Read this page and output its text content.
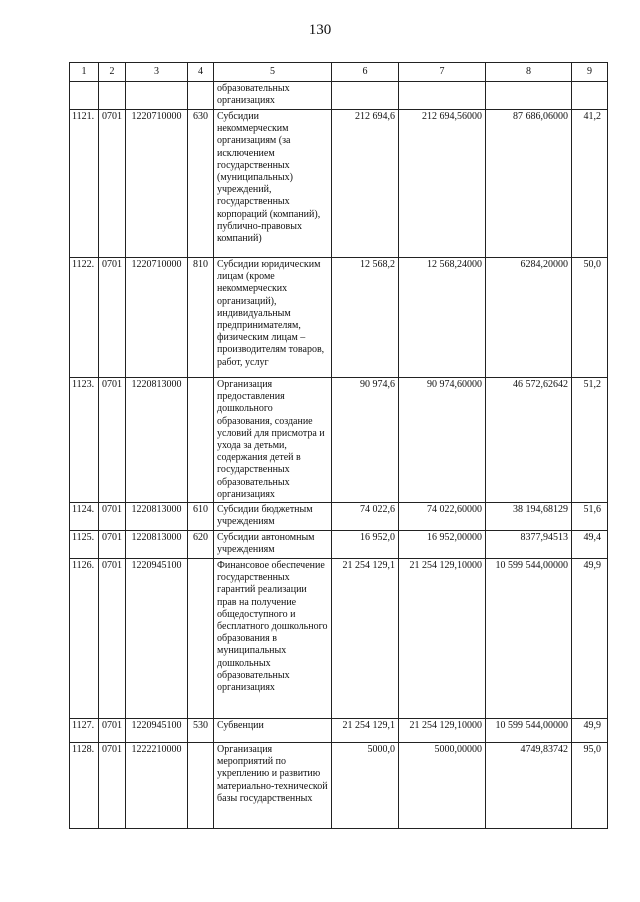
130
1	2	3	4	5	6	7	8	9
				образовательных организациях				
1121.	0701	1220710000	630	Субсидии некоммерческим организациям (за исключением государственных (муниципальных) учреждений, государственных корпораций (компаний), публично-правовых компаний)	212 694,6	212 694,56000	87 686,06000	41,2
1122.	0701	1220710000	810	Субсидии юридическим лицам (кроме некоммерческих организаций), индивидуальным предпринимателям, физическим лицам – производителям товаров, работ, услуг	12 568,2	12 568,24000	6284,20000	50,0
1123.	0701	1220813000		Организация предоставления дошкольного образования, создание условий для присмотра и ухода за детьми, содержания детей в государственных образовательных организациях	90 974,6	90 974,60000	46 572,62642	51,2
1124.	0701	1220813000	610	Субсидии бюджетным учреждениям	74 022,6	74 022,60000	38 194,68129	51,6
1125.	0701	1220813000	620	Субсидии автономным учреждениям	16 952,0	16 952,00000	8377,94513	49,4
1126.	0701	1220945100		Финансовое обеспечение государственных гарантий реализации прав на получение общедоступного и бесплатного дошкольного образования в муниципальных дошкольных образовательных организациях	21 254 129,1	21 254 129,10000	10 599 544,00000	49,9
1127.	0701	1220945100	530	Субвенции	21 254 129,1	21 254 129,10000	10 599 544,00000	49,9
1128.	0701	1222210000		Организация мероприятий по укреплению и развитию материально-технической базы государственных	5000,0	5000,00000	4749,83742	95,0
